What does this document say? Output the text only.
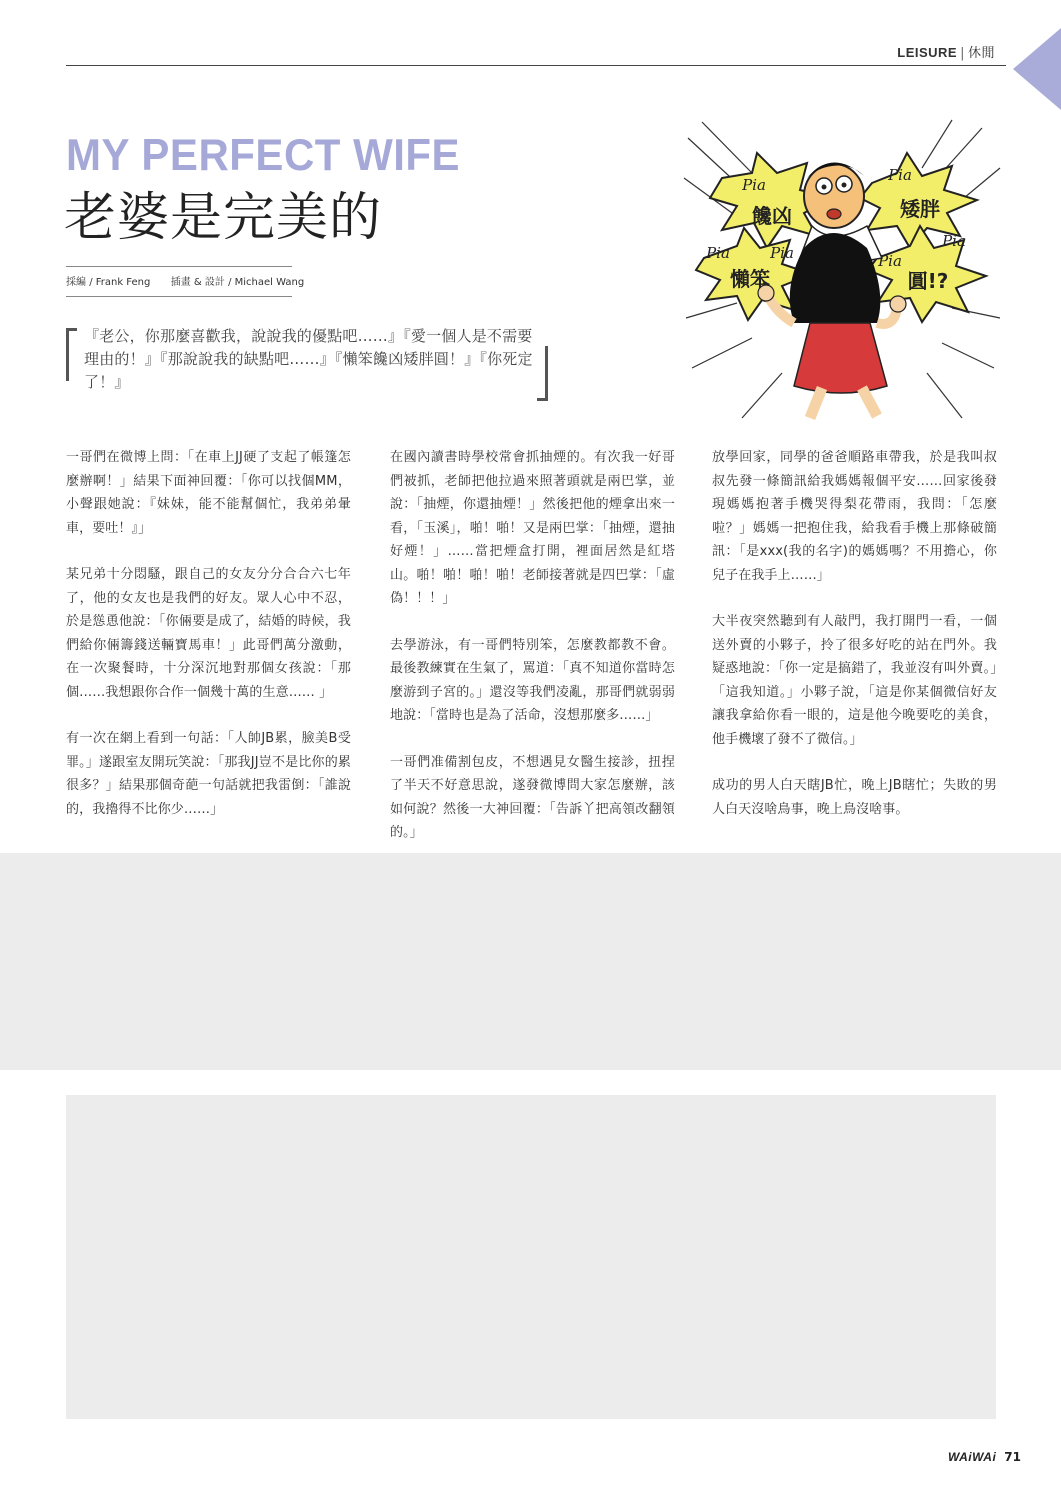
LEISURE | 休閒
MY PERFECT WIFE
老婆是完美的
採編 / Frank Feng 插畫 & 設計 / Michael Wang
『老公，你那麼喜歡我，說說我的優點吧……』『愛一個人是不需要理由的！』『那說說我的缺點吧……』『懶笨饞凶矮胖圓！』『你死定了！』
饞凶	矮胖
懶笨	圓!?
Pia
Pia
Pia	Pia
Pia
Pia

一哥們在微博上問：「在車上JJ硬了支起了帳篷怎麼辦啊！」結果下面神回覆：「你可以找個MM，小聲跟她說：『妹妹，能不能幫個忙，我弟弟暈車，要吐！』」

某兄弟十分悶騷，跟自己的女友分分合合六七年了，他的女友也是我們的好友。眾人心中不忍，於是慫恿他說：「你倆要是成了，結婚的時候，我們給你倆籌錢送輛寶馬車！」此哥們萬分激動，在一次聚餐時，十分深沉地對那個女孩說：「那個……我想跟你合作一個幾十萬的生意…… 」

有一次在網上看到一句話：「人帥JB累，臉美B受罪。」遂跟室友開玩笑說：「那我JJ豈不是比你的累很多？」結果那個奇葩一句話就把我雷倒：「誰說的，我擼得不比你少……」

在國內讀書時學校常會抓抽煙的。有次我一好哥們被抓，老師把他拉過來照著頭就是兩巴掌，並說：「抽煙，你還抽煙！」然後把他的煙拿出來一看，「玉溪」，啪！啪！又是兩巴掌：「抽煙，還抽好煙！」……當把煙盒打開，裡面居然是紅塔山。啪！啪！啪！啪！老師接著就是四巴掌：「虛偽！！！」

去學游泳，有一哥們特別笨，怎麼教都教不會。最後教練實在生氣了，罵道：「真不知道你當時怎麼游到子宮的。」還沒等我們凌亂，那哥們就弱弱地說：「當時也是為了活命，沒想那麼多……」

一哥們准備割包皮，不想遇見女醫生接診，扭捏了半天不好意思說，遂發微博問大家怎麼辦，該如何說？然後一大神回覆：「告訴丫把高領改翻領的。」

放學回家，同學的爸爸順路車帶我，於是我叫叔叔先發一條簡訊給我媽媽報個平安……回家後發現媽媽抱著手機哭得梨花帶雨，我問：「怎麼啦？」媽媽一把抱住我，給我看手機上那條破簡訊：「是xxx(我的名字)的媽媽嗎？不用擔心，你兒子在我手上……」

大半夜突然聽到有人敲門，我打開門一看，一個送外賣的小夥子，拎了很多好吃的站在門外。我疑惑地說：「你一定是搞錯了，我並沒有叫外賣。」「這我知道。」小夥子說，「這是你某個微信好友讓我拿給你看一眼的，這是他今晚要吃的美食，他手機壞了發不了微信。」

成功的男人白天瞎JB忙，晚上JB瞎忙；失敗的男人白天沒啥鳥事，晚上鳥沒啥事。

WAiWAi 71
